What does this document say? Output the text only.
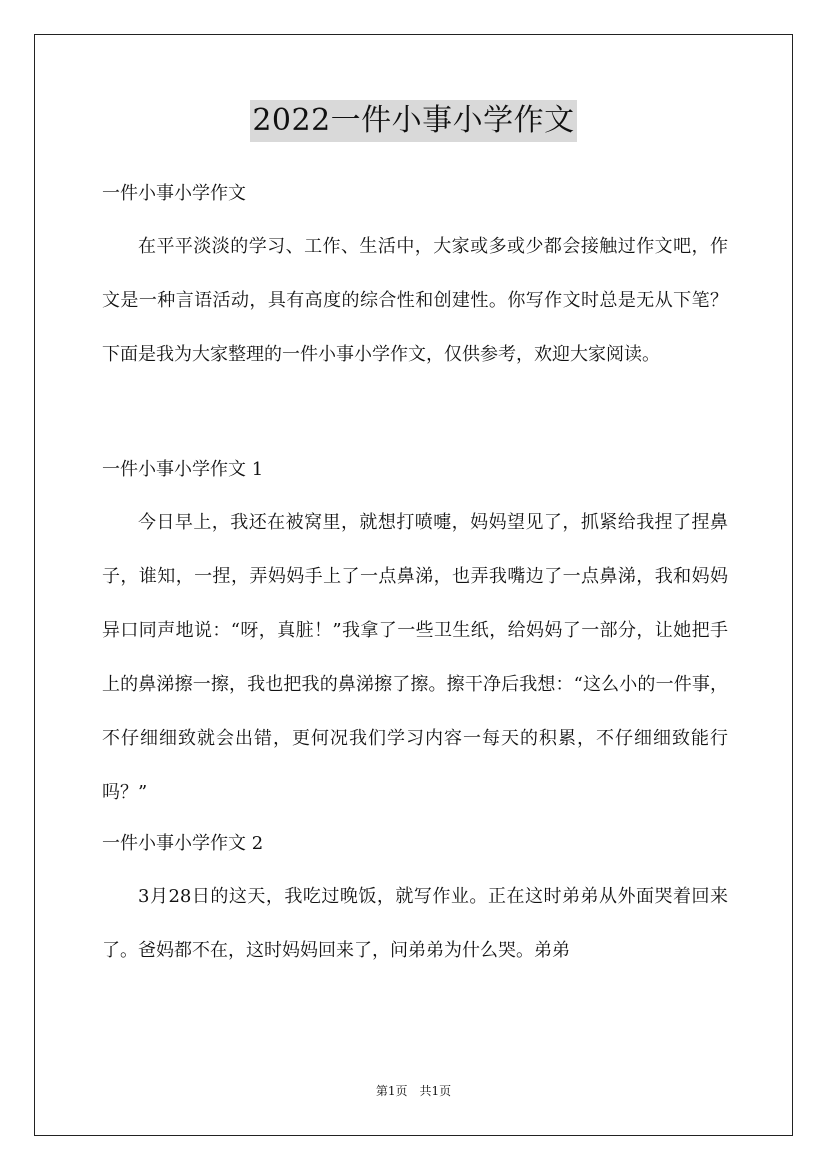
2022一件小事小学作文
一件小事小学作文
在平平淡淡的学习、工作、生活中，大家或多或少都会接触过作文吧，作文是一种言语活动，具有高度的综合性和创建性。你写作文时总是无从下笔？下面是我为大家整理的一件小事小学作文，仅供参考，欢迎大家阅读。
一件小事小学作文 1
今日早上，我还在被窝里，就想打喷嚏，妈妈望见了，抓紧给我捏了捏鼻子，谁知，一捏，弄妈妈手上了一点鼻涕，也弄我嘴边了一点鼻涕，我和妈妈异口同声地说：“呀，真脏！”我拿了一些卫生纸，给妈妈了一部分，让她把手上的鼻涕擦一擦，我也把我的鼻涕擦了擦。擦干净后我想：“这么小的一件事，不仔细细致就会出错，更何况我们学习内容一每天的积累，不仔细细致能行吗？”
一件小事小学作文 2
3月28日的这天，我吃过晚饭，就写作业。正在这时弟弟从外面哭着回来了。爸妈都不在，这时妈妈回来了，问弟弟为什么哭。弟弟
第1页　共1页
